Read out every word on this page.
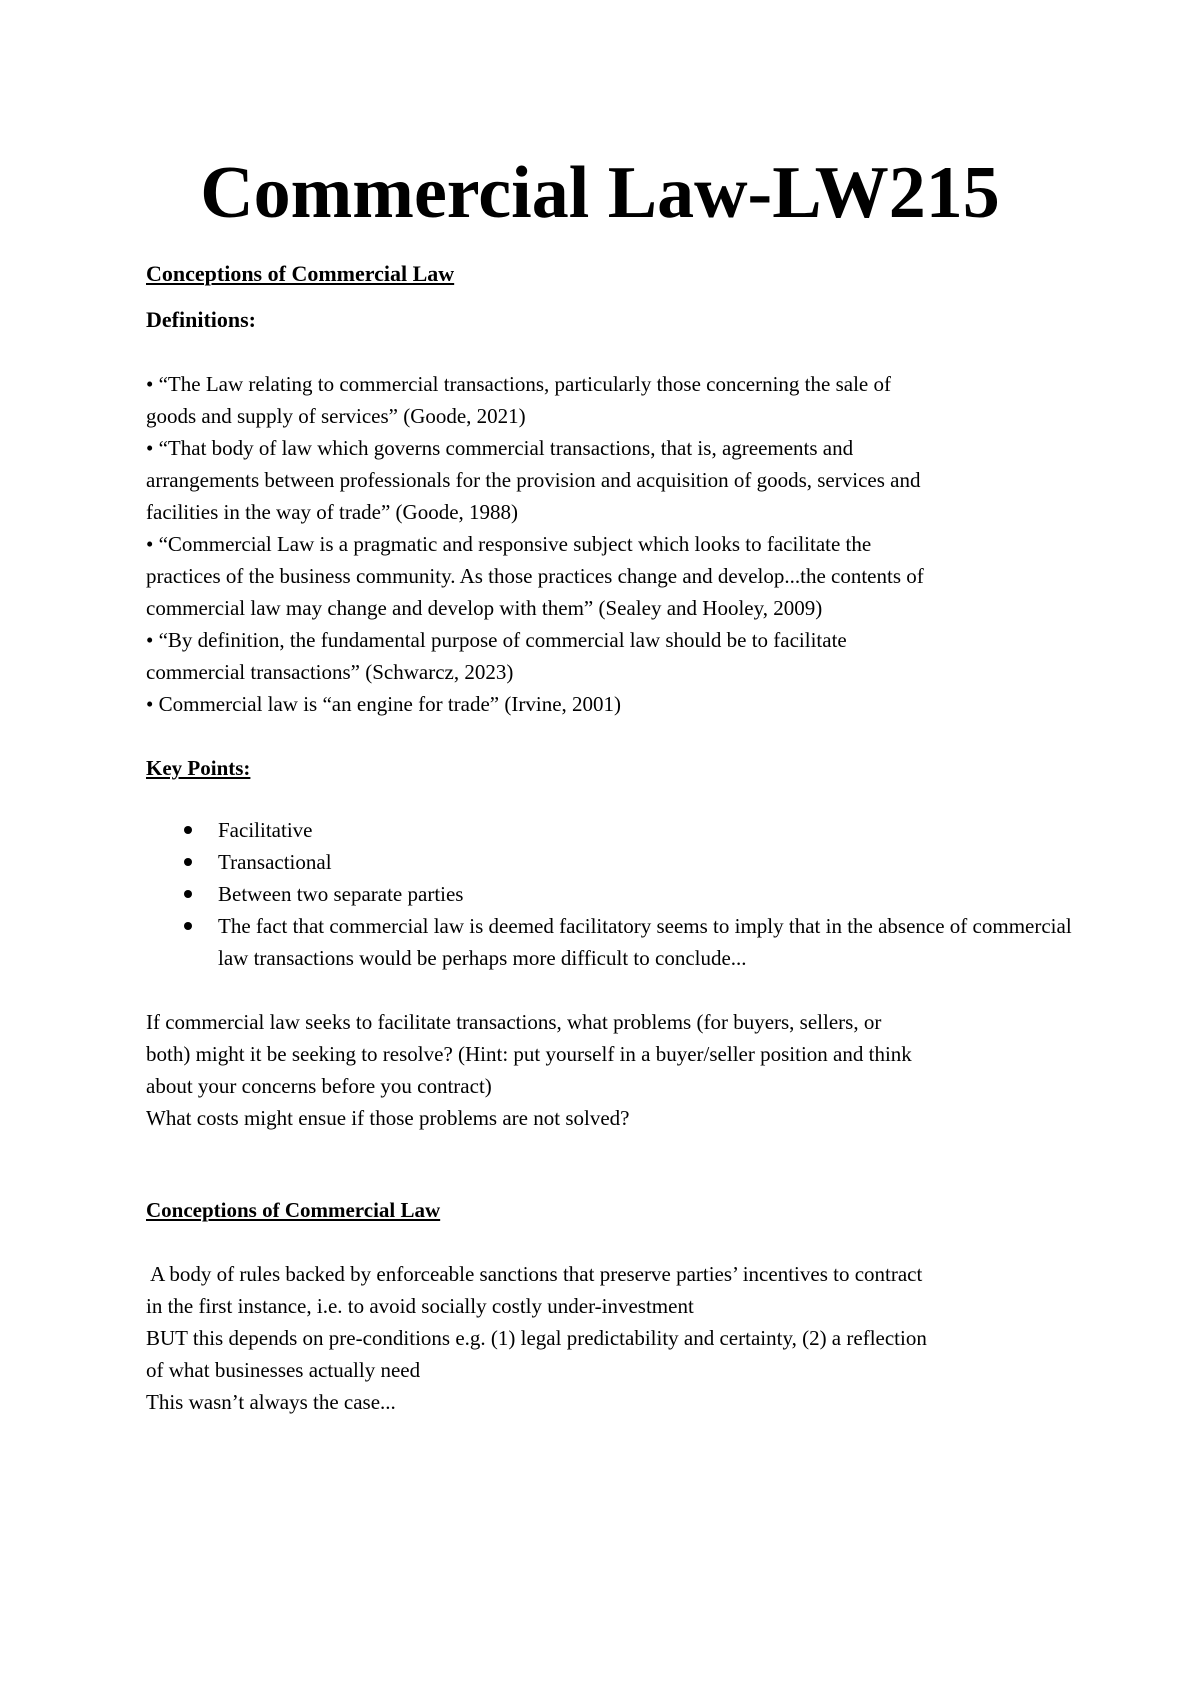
Commercial Law-LW215

Conceptions of Commercial Law

Definitions:

• “The Law relating to commercial transactions, particularly those concerning the sale of

goods and supply of services” (Goode, 2021)

• “That body of law which governs commercial transactions, that is, agreements and

arrangements between professionals for the provision and acquisition of goods, services and

facilities in the way of trade” (Goode, 1988)

• “Commercial Law is a pragmatic and responsive subject which looks to facilitate the

practices of the business community. As those practices change and develop...the contents of

commercial law may change and develop with them” (Sealey and Hooley, 2009)

• “By definition, the fundamental purpose of commercial law should be to facilitate

commercial transactions” (Schwarcz, 2023)

• Commercial law is “an engine for trade” (Irvine, 2001)

Key Points:

Facilitative
Transactional
Between two separate parties
The fact that commercial law is deemed facilitatory seems to imply that in the absence of commercial law transactions would be perhaps more difficult to conclude...

If commercial law seeks to facilitate transactions, what problems (for buyers, sellers, or

both) might it be seeking to resolve? (Hint: put yourself in a buyer/seller position and think

about your concerns before you contract)

What costs might ensue if those problems are not solved?

Conceptions of Commercial Law

A body of rules backed by enforceable sanctions that preserve parties’ incentives to contract

in the first instance, i.e. to avoid socially costly under-investment

BUT this depends on pre-conditions e.g. (1) legal predictability and certainty, (2) a reflection

of what businesses actually need

This wasn’t always the case...
